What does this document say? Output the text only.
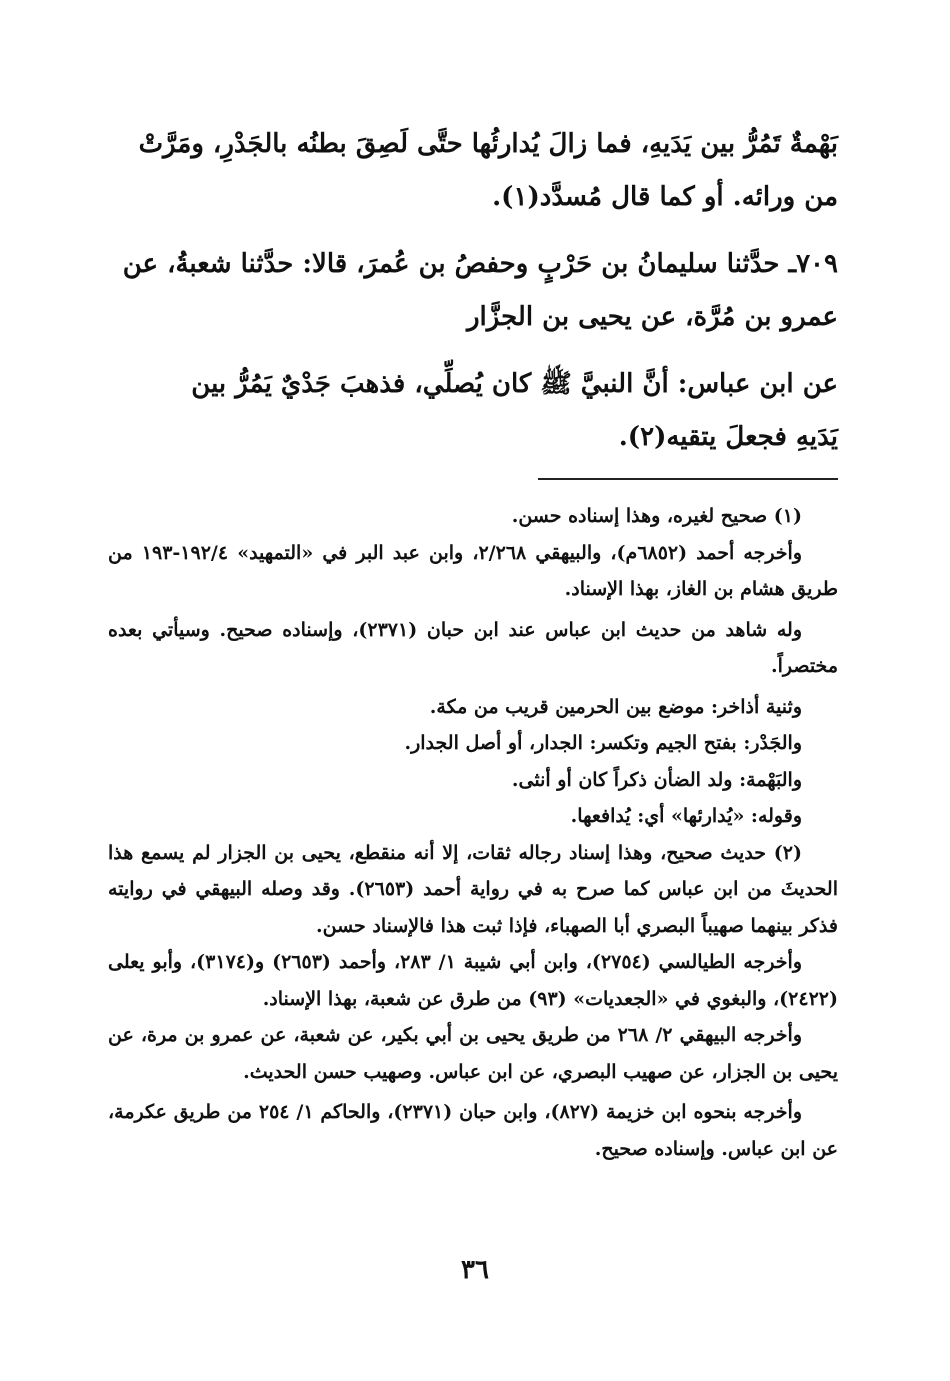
بَهْمةٌ تَمُرُّ بين يَدَيهِ، فما زالَ يُدارئُها حتَّى لَصِقَ بطنُه بالجَدْرِ، ومَرَّتْ

من ورائه. أو كما قال مُسدَّد(١).

٧٠٩ـ حدَّثنا سليمانُ بن حَرْبٍ وحفصُ بن عُمرَ، قالا: حدَّثنا شعبةُ، عن

عمرو بن مُرَّة، عن يحيى بن الجزَّار

عن ابن عباس: أنَّ النبيَّ ﷺ كان يُصلِّي، فذهبَ جَدْيٌ يَمُرُّ بين

يَدَيهِ فجعلَ يتقيه(٢).

(١) صحيح لغيره، وهذا إسناده حسن.

وأخرجه أحمد (٦٨٥٢م)، والبيهقي ٢/٢٦٨، وابن عبد البر في «التمهيد» ١٩٢/٤-١٩٣ من طريق هشام بن الغاز، بهذا الإسناد.

وله شاهد من حديث ابن عباس عند ابن حبان (٢٣٧١)، وإسناده صحيح. وسيأتي بعده مختصراً.

وثنية أذاخر: موضع بين الحرمين قريب من مكة.

والجَدْر: بفتح الجيم وتكسر: الجدار، أو أصل الجدار.

والبَهْمة: ولد الضأن ذكراً كان أو أنثى.

وقوله: «يُدارئها» أي: يُدافعها.

(٢) حديث صحيح، وهذا إسناد رجاله ثقات، إلا أنه منقطع، يحيى بن الجزار لم يسمع هذا الحديثَ من ابن عباس كما صرح به في رواية أحمد (٢٦٥٣). وقد وصله البيهقي في روايته فذكر بينهما صهيباً البصري أبا الصهباء، فإذا ثبت هذا فالإسناد حسن.

وأخرجه الطيالسي (٢٧٥٤)، وابن أبي شيبة ١/ ٢٨٣، وأحمد (٢٦٥٣) و(٣١٧٤)، وأبو يعلى (٢٤٢٢)، والبغوي في «الجعديات» (٩٣) من طرق عن شعبة، بهذا الإسناد.

وأخرجه البيهقي ٢/ ٢٦٨ من طريق يحيى بن أبي بكير، عن شعبة، عن عمرو بن مرة، عن يحيى بن الجزار، عن صهيب البصري، عن ابن عباس. وصهيب حسن الحديث.

وأخرجه بنحوه ابن خزيمة (٨٢٧)، وابن حبان (٢٣٧١)، والحاكم ١/ ٢٥٤ من طريق عكرمة، عن ابن عباس. وإسناده صحيح.

٣٦
